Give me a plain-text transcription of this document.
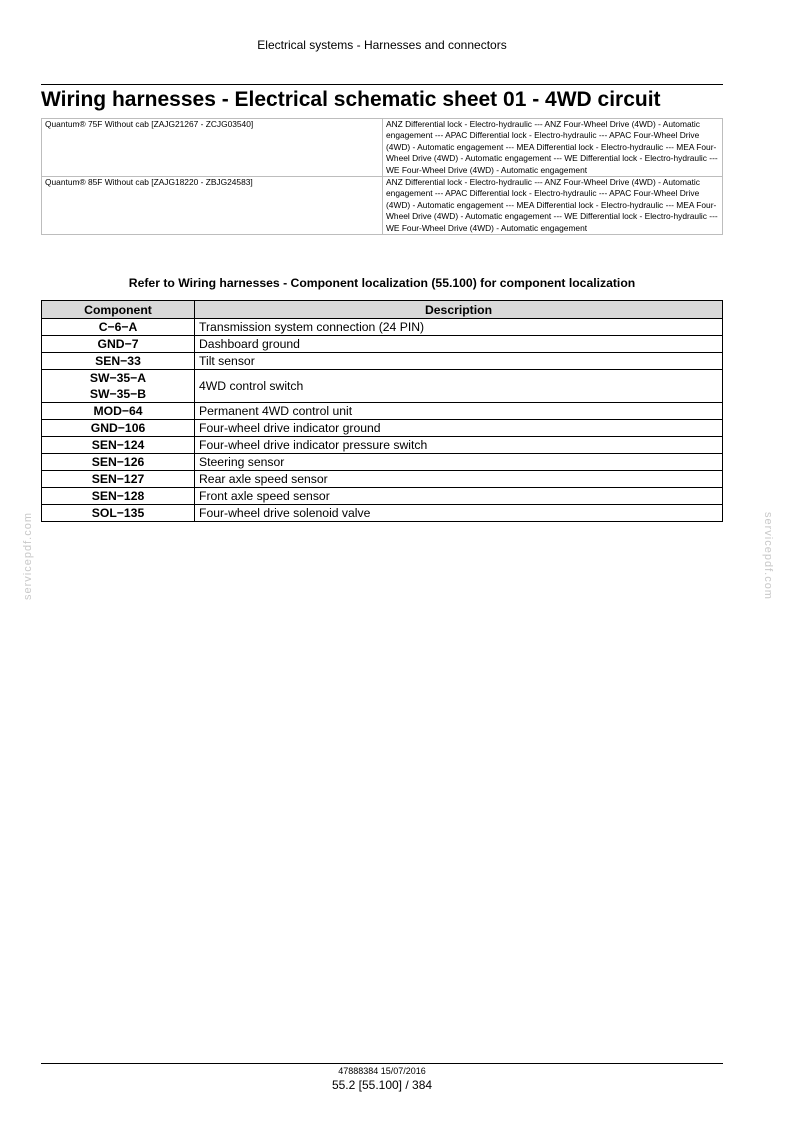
Electrical systems - Harnesses and connectors
Wiring harnesses - Electrical schematic sheet 01 - 4WD circuit
Quantum® 75F Without cab [ZAJG21267 - ZCJG03540]	ANZ Differential lock - Electro-hydraulic --- ANZ Four-Wheel Drive (4WD) - Automatic engagement --- APAC Differential lock - Electro-hydraulic --- APAC Four-Wheel Drive (4WD) - Automatic engagement --- MEA Differential lock - Electro-hydraulic --- MEA Four-Wheel Drive (4WD) - Automatic engagement --- WE Differential lock - Electro-hydraulic --- WE Four-Wheel Drive (4WD) - Automatic engagement
Quantum® 85F Without cab [ZAJG18220 - ZBJG24583]	ANZ Differential lock - Electro-hydraulic --- ANZ Four-Wheel Drive (4WD) - Automatic engagement --- APAC Differential lock - Electro-hydraulic --- APAC Four-Wheel Drive (4WD) - Automatic engagement --- MEA Differential lock - Electro-hydraulic --- MEA Four-Wheel Drive (4WD) - Automatic engagement --- WE Differential lock - Electro-hydraulic --- WE Four-Wheel Drive (4WD) - Automatic engagement
Refer to Wiring harnesses - Component localization (55.100) for component localization
Component	Description

C−6−A	Transmission system connection (24 PIN)

GND−7	Dashboard ground

SEN−33	Tilt sensor

SW−35−A
SW−35−B	4WD control switch

MOD−64	Permanent 4WD control unit

GND−106	Four-wheel drive indicator ground

SEN−124	Four-wheel drive indicator pressure switch

SEN−126	Steering sensor

SEN−127	Rear axle speed sensor

SEN−128	Front axle speed sensor

SOL−135	Four-wheel drive solenoid valve
servicepdf.com	servicepdf.com
47888384 15/07/2016
55.2 [55.100] / 384
